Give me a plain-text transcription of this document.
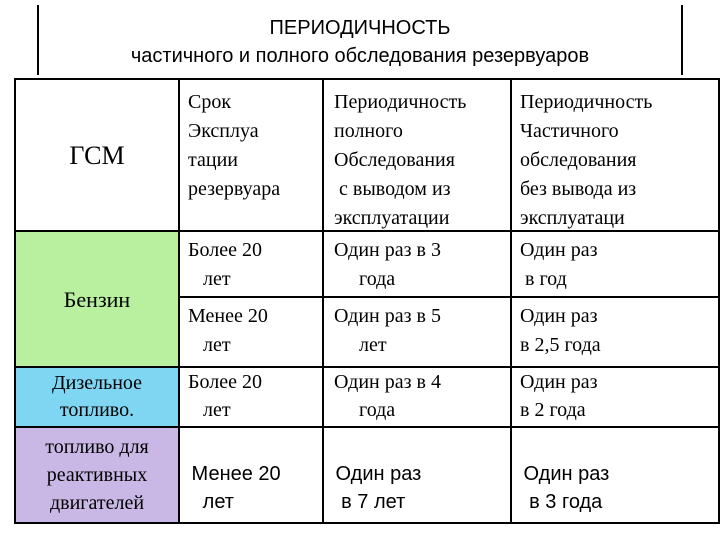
ПЕРИОДИЧНОСТЬ
частичного и полного обследования резервуаров
ГСМ
Срок
Эксплуа
тации
резервуара
Периодичность
полного
Обследования
с выводом из
эксплуатации
Периодичность
Частичного
обследования
без вывода из
эксплуатаци
Бензин
Более 20
лет
Один раз в 3
года
Один раз
в год
Менее 20
лет
Один раз в 5
лет
Один раз
в 2,5 года
Дизельное
топливо.
Более 20
лет
Один раз в 4
года
Один раз
в 2 года
топливо для
реактивных
двигателей
Менее 20
лет
Один раз
в 7 лет
Один раз
в 3 года
